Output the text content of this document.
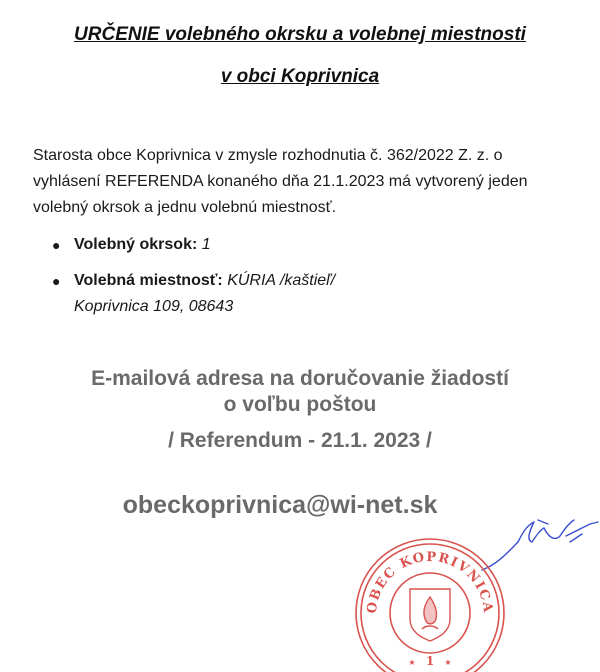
URČENIE volebného okrsku a volebnej miestnosti
v obci Koprivnica
Starosta obce Koprivnica v zmysle rozhodnutia č. 362/2022 Z. z. o vyhlásení REFERENDA konaného dňa 21.1.2023 má vytvorený jeden volebný okrsok a jednu volebnú miestnosť.
● Volebný okrsok: 1
● Volebná miestnosť: KÚRIA /kaštieľ/
Koprivnica 109, 08643
E-mailová adresa na doručovanie žiadostí
o voľbu poštou
/ Referendum - 21.1. 2023 /
obeckoprivnica@wi-net.sk
OBEC KOPRIVNICA
1
★	★
